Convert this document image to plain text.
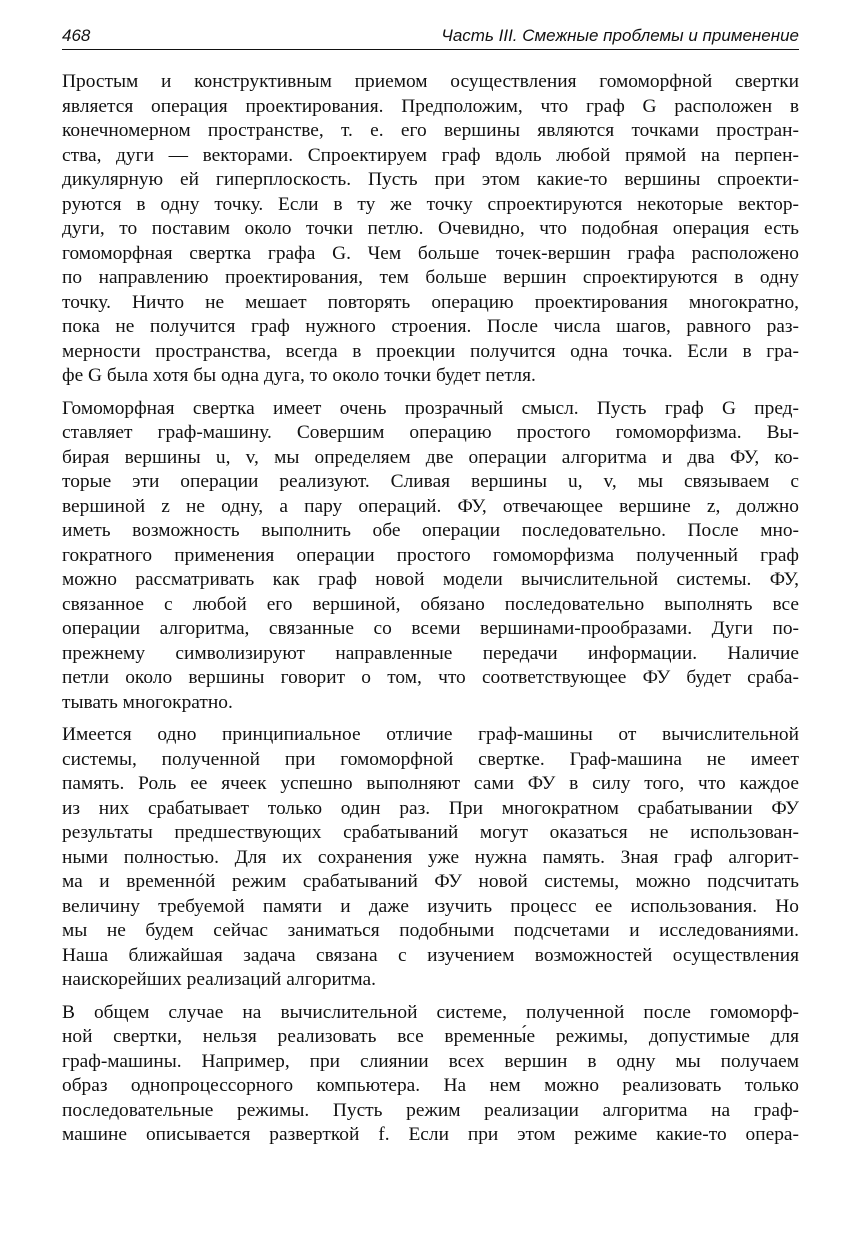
468	Часть III. Смежные проблемы и применение

Простым и конструктивным приемом осуществления гомоморфной свертки
является операция проектирования. Предположим, что граф G расположен в
конечномерном пространстве, т. е. его вершины являются точками простран-
ства, дуги — векторами. Спроектируем граф вдоль любой прямой на перпен-
дикулярную ей гиперплоскость. Пусть при этом какие-то вершины спроекти-
руются в одну точку. Если в ту же точку спроектируются некоторые вектор-
дуги, то поставим около точки петлю. Очевидно, что подобная операция есть
гомоморфная свертка графа G. Чем больше точек-вершин графа расположено
по направлению проектирования, тем больше вершин спроектируются в одну
точку. Ничто не мешает повторять операцию проектирования многократно,
пока не получится граф нужного строения. После числа шагов, равного раз-
мерности пространства, всегда в проекции получится одна точка. Если в гра-
фе G была хотя бы одна дуга, то около точки будет петля.

Гомоморфная свертка имеет очень прозрачный смысл. Пусть граф G пред-
ставляет граф-машину. Совершим операцию простого гомоморфизма. Вы-
бирая вершины u, v, мы определяем две операции алгоритма и два ФУ, ко-
торые эти операции реализуют. Сливая вершины u, v, мы связываем с
вершиной z не одну, а пару операций. ФУ, отвечающее вершине z, должно
иметь возможность выполнить обе операции последовательно. После мно-
гократного применения операции простого гомоморфизма полученный граф
можно рассматривать как граф новой модели вычислительной системы. ФУ,
связанное с любой его вершиной, обязано последовательно выполнять все
операции алгоритма, связанные со всеми вершинами-прообразами. Дуги по-
прежнему символизируют направленные передачи информации. Наличие
петли около вершины говорит о том, что соответствующее ФУ будет сраба-
тывать многократно.

Имеется одно принципиальное отличие граф-машины от вычислительной
системы, полученной при гомоморфной свертке. Граф-машина не имеет
память. Роль ее ячеек успешно выполняют сами ФУ в силу того, что каждое
из них срабатывает только один раз. При многократном срабатывании ФУ
результаты предшествующих срабатываний могут оказаться не использован-
ными полностью. Для их сохранения уже нужна память. Зная граф алгорит-
ма и временнóй режим срабатываний ФУ новой системы, можно подсчитать
величину требуемой памяти и даже изучить процесс ее использования. Но
мы не будем сейчас заниматься подобными подсчетами и исследованиями.
Наша ближайшая задача связана с изучением возможностей осуществления
наискорейших реализаций алгоритма.

В общем случае на вычислительной системе, полученной после гомоморф-
ной свертки, нельзя реализовать все временны́е режимы, допустимые для
граф-машины. Например, при слиянии всех вершин в одну мы получаем
образ однопроцессорного компьютера. На нем можно реализовать только
последовательные режимы. Пусть режим реализации алгоритма на граф-
машине описывается разверткой f. Если при этом режиме какие-то опера-
